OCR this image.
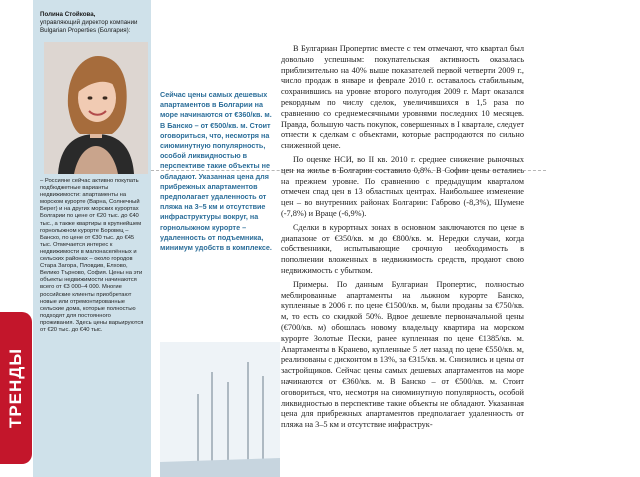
ТРЕНДЫ
Полина Стойкова,
управляющий директор компании Bulgarian Properties (Болгария):
– Россияне сейчас активно покупать подбюджетные варианты недвижимости: апартаменты на морском курорте (Варна, Солнечный Берег) и на других морских курортах Болгарии по цене от €20 тыс. до €40 тыс., а также квартиры в крупнейшем горнолыжном курорте Боровец – Банско, по цене от €30 тыс. до €45 тыс. Отмечается интерес к недвижимости в малонаселённых и сельских районах – около городов Стара Загора, Пловдив, Елхово, Велико Търново, София. Цены на эти объекты недвижимости начинаются всего от €3 000–4 000. Многие российские клиенты приобретают новые или отремонтированные сельские дома, которые полностью подходят для постоянного проживания. Здесь цены варьируются от €20 тыс. до €40 тыс.
Сейчас цены самых дешевых апартаментов в Болгарии на море начинаются от €360/кв. м. В Банско – от €500/кв. м. Стоит оговориться, что, несмотря на сиюминутную популярность, особой ликвидностью в перспективе такие объекты не обладают. Указанная цена для прибрежных апартаментов предполагает удаленность от пляжа на 3–5 км и отсутствие инфраструктуры вокруг, на горнолыжном курорте – удаленность от подъемника, минимум удобств в комплексе.

В Булгариан Пропертис вместе с тем отмечают, что квартал был довольно успешным: покупательская активность оказалась приблизительно на 40% выше показателей первой четверти 2009 г., число продаж в январе и феврале 2010 г. оставалось стабильным, сохранившись на уровне второго полугодия 2009 г. Март оказался рекордным по числу сделок, увеличившихся в 1,5 раза по сравнению со среднемесячными уровнями последних 10 месяцев. Правда, большую часть покупок, совершенных в I квартале, следует отнести к сделкам с объектами, которые распродаются по сильно сниженной цене.

По оценке НСИ, во II кв. 2010 г. среднее снижение рыночных цен на жилье в Болгарии составило 0,8%. В Софии цены остались на прежнем уровне. По сравнению с предыдущим кварталом отмечен спад цен в 13 областных центрах. Наибольшее изменение цен – во внутренних районах Болгарии: Габрово (-8,3%), Шумене (-7,8%) и Враце (-6,9%).

Сделки в курортных зонах в основном заключаются по цене в диапазоне от €350/кв. м до €800/кв. м. Нередки случаи, когда собственники, испытывающие срочную необходимость в пополнении вложенных в недвижимость средств, продают свою недвижимость с убытком.

Примеры. По данным Булгариан Пропертис, полностью меблированные апартаменты на лыжном курорте Банско, купленные в 2006 г. по цене €1500/кв. м, были проданы за €750/кв. м, то есть со скидкой 50%. Вдвое дешевле первоначальной цены (€700/кв. м) обошлась новому владельцу квартира на морском курорте Золотые Пески, ранее купленная по цене €1385/кв. м. Апартаменты в Кранево, купленные 5 лет назад по цене €550/кв. м, реализованы с дисконтом в 13%, за €315/кв. м. Снизились и цены от застройщиков. Сейчас цены самых дешевых апартаментов на море начинаются от €360/кв. м. В Банско – от €500/кв. м. Стоит оговориться, что, несмотря на сиюминутную популярность, особой ликвидностью в перспективе такие объекты не обладают. Указанная цена для прибрежных апартаментов предполагает удаленность от пляжа на 3–5 км и отсутствие инфраструк-
